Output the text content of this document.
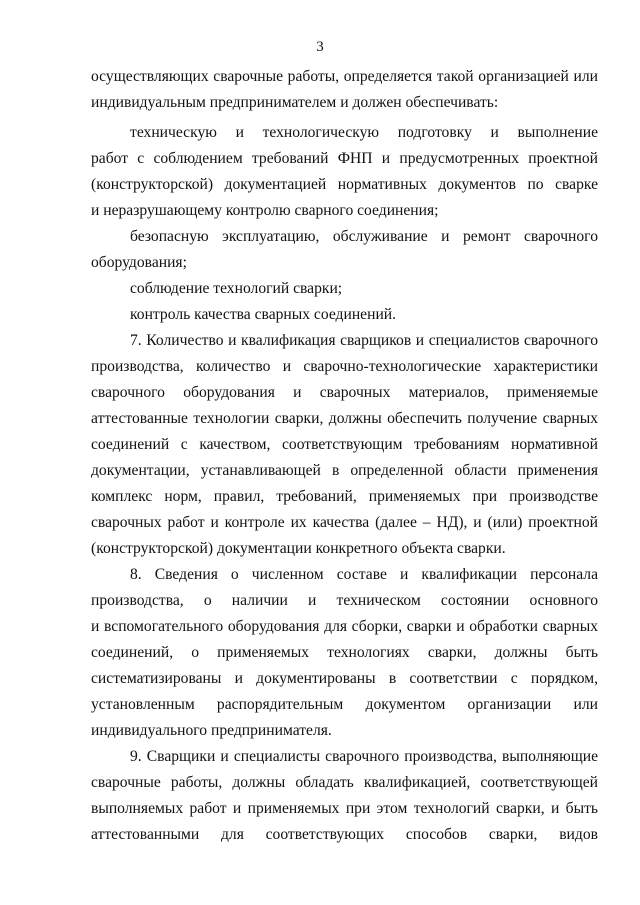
3
осуществляющих сварочные работы, определяется такой организацией или
индивидуальным предпринимателем и должен обеспечивать:
техническую и технологическую подготовку и выполнение
работ с соблюдением требований ФНП и предусмотренных проектной
(конструкторской) документацией нормативных документов по сварке
и неразрушающему контролю сварного соединения;
безопасную эксплуатацию, обслуживание и ремонт сварочного
оборудования;
соблюдение технологий сварки;
контроль качества сварных соединений.
7. Количество и квалификация сварщиков и специалистов сварочного
производства, количество и сварочно-технологические характеристики
сварочного оборудования и сварочных материалов, применяемые
аттестованные технологии сварки, должны обеспечить получение сварных
соединений с качеством, соответствующим требованиям нормативной
документации, устанавливающей в определенной области применения
комплекс норм, правил, требований, применяемых при производстве
сварочных работ и контроле их качества (далее – НД), и (или) проектной
(конструкторской) документации конкретного объекта сварки.
8. Сведения о численном составе и квалификации персонала
производства, о наличии и техническом состоянии основного
и вспомогательного оборудования для сборки, сварки и обработки сварных
соединений, о применяемых технологиях сварки, должны быть
систематизированы и документированы в соответствии с порядком,
установленным распорядительным документом организации или
индивидуального предпринимателя.
9. Сварщики и специалисты сварочного производства, выполняющие
сварочные работы, должны обладать квалификацией, соответствующей
выполняемых работ и применяемых при этом технологий сварки, и быть
аттестованными для соответствующих способов сварки, видов
